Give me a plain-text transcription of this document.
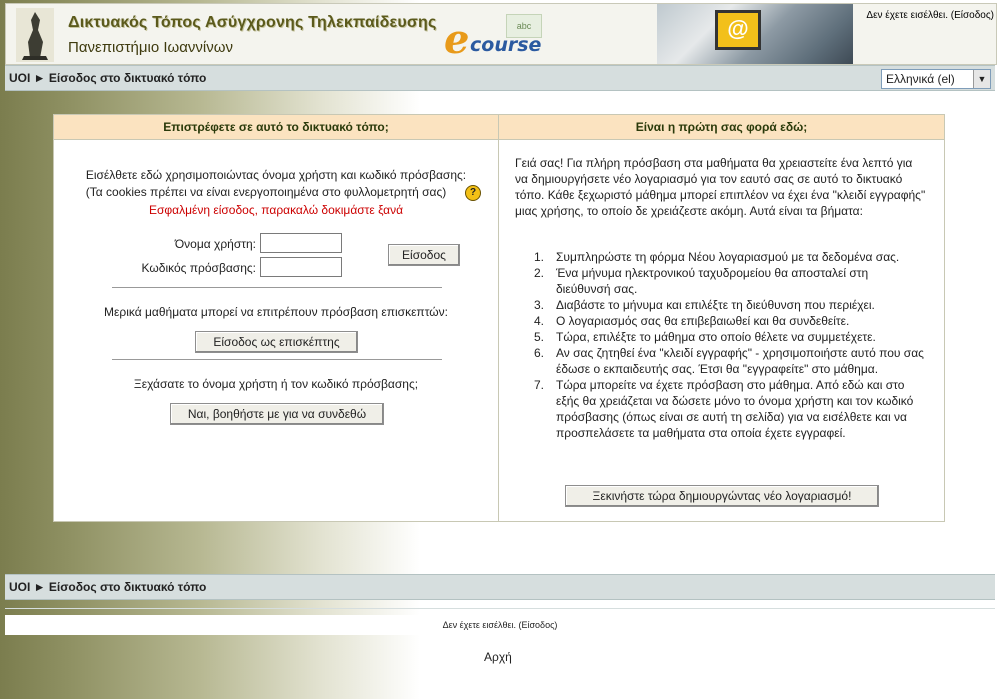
Δικτυακός Τόπος Ασύγχρονης Τηλεκπαίδευσης
Πανεπιστήμιο Ιωαννίνων
abc
e course
@
Δεν έχετε εισέλθει. (Είσοδος)
UOI ► Είσοδος στο δικτυακό τόπο	Ελληνικά (el)	▼
Επιστρέφετε σε αυτό το δικτυακό τόπο;	Είναι η πρώτη σας φορά εδώ;
Εισέλθετε εδώ χρησιμοποιώντας όνομα χρήστη και κωδικό πρόσβασης:
(Τα cookies πρέπει να είναι ενεργοποιημένα στο φυλλομετρητή σας)	?
Εσφαλμένη είσοδος, παρακαλώ δοκιμάστε ξανά
Όνομα χρήστη:
Κωδικός πρόσβασης:
Είσοδος
Μερικά μαθήματα μπορεί να επιτρέπουν πρόσβαση επισκεπτών:
Είσοδος ως επισκέπτης
Ξεχάσατε το όνομα χρήστη ή τον κωδικό πρόσβασης;
Ναι, βοηθήστε με για να συνδεθώ
Γειά σας! Για πλήρη πρόσβαση στα μαθήματα θα χρειαστείτε ένα λεπτό για να δημιουργήσετε νέο λογαριασμό για τον εαυτό σας σε αυτό το δικτυακό τόπο. Κάθε ξεχωριστό μάθημα μπορεί επιπλέον να έχει ένα "κλειδί εγγραφής" μιας χρήσης, το οποίο δε χρειάζεστε ακόμη. Αυτά είναι τα βήματα:
1. Συμπληρώστε τη φόρμα Νέου λογαριασμού με τα δεδομένα σας.
2. Ένα μήνυμα ηλεκτρονικού ταχυδρομείου θα αποσταλεί στη διεύθυνσή σας.
3. Διαβάστε το μήνυμα και επιλέξτε τη διεύθυνση που περιέχει.
4. Ο λογαριασμός σας θα επιβεβαιωθεί και θα συνδεθείτε.
5. Τώρα, επιλέξτε το μάθημα στο οποίο θέλετε να συμμετέχετε.
6. Αν σας ζητηθεί ένα "κλειδί εγγραφής" - χρησιμοποιήστε αυτό που σας έδωσε ο εκπαιδευτής σας. Έτσι θα "εγγραφείτε" στο μάθημα.
7. Τώρα μπορείτε να έχετε πρόσβαση στο μάθημα. Από εδώ και στο εξής θα χρειάζεται να δώσετε μόνο το όνομα χρήστη και τον κωδικό πρόσβασης (όπως είναι σε αυτή τη σελίδα) για να εισέλθετε και να προσπελάσετε τα μαθήματα στα οποία έχετε εγγραφεί.
Ξεκινήστε τώρα δημιουργώντας νέο λογαριασμό!
UOI ► Είσοδος στο δικτυακό τόπο
Δεν έχετε εισέλθει. (Είσοδος)
Αρχή
